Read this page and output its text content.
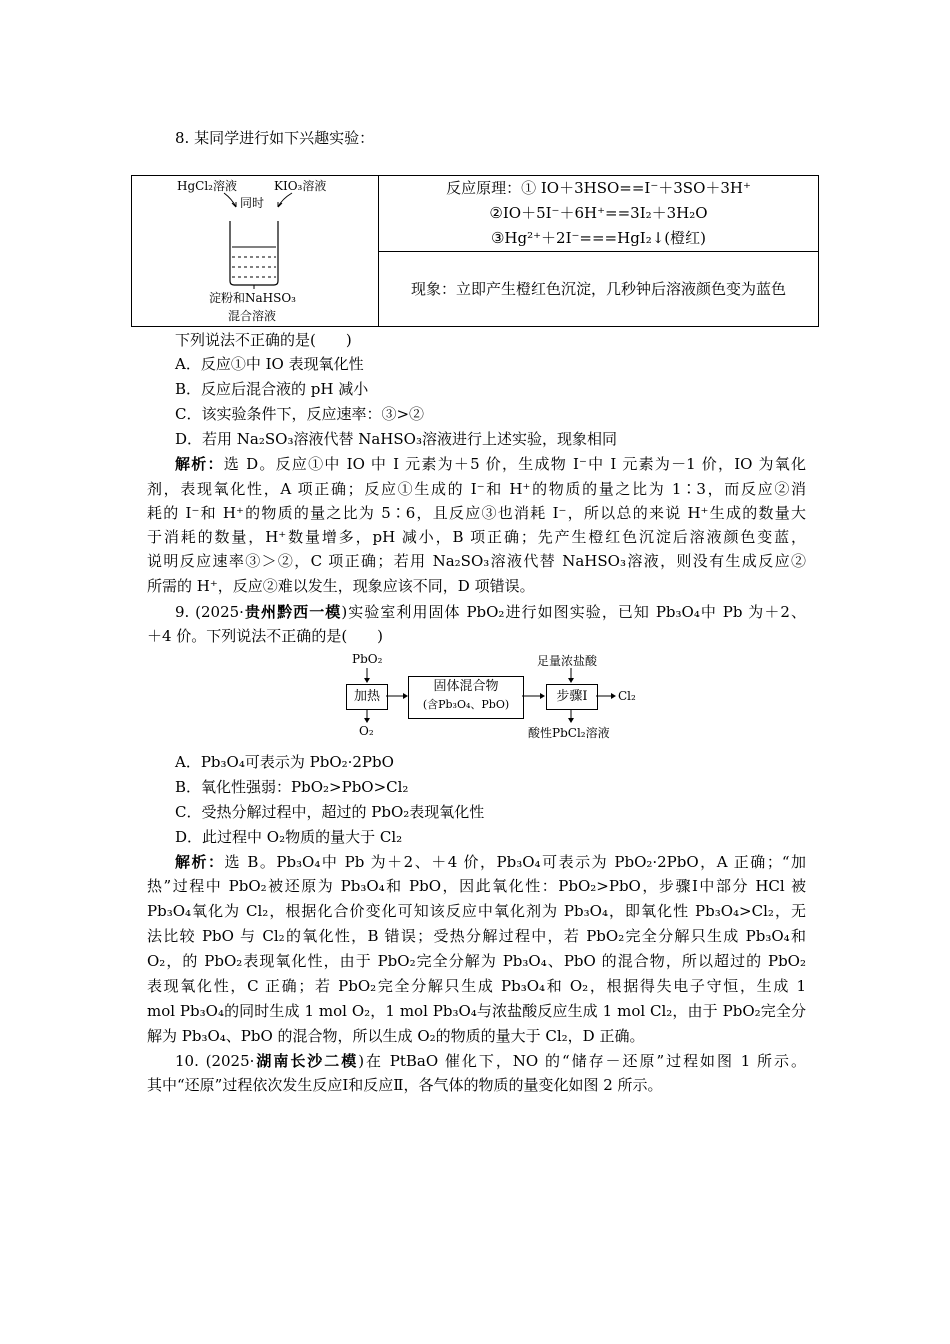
8. 某同学进行如下兴趣实验：
HgCl₂溶液	KIO₃溶液
同时
淀粉和NaHSO₃
混合溶液

反应原理：① IO＋3HSO==I⁻＋3SO＋3H⁺
②IO＋5I⁻＋6H⁺==3I₂＋3H₂O
③Hg²⁺＋2I⁻===HgI₂↓(橙红)

现象：立即产生橙红色沉淀，几秒钟后溶液颜色变为蓝色
下列说法不正确的是(　　)
A．反应①中 IO 表现氧化性
B．反应后混合液的 pH 减小
C．该实验条件下，反应速率：③>②
D．若用 Na₂SO₃溶液代替 NaHSO₃溶液进行上述实验，现象相同
解析：选 D。反应①中 IO 中 I 元素为＋5 价，生成物 I⁻中 I 元素为－1 价，IO 为氧化
剂，表现氧化性，A 项正确；反应①生成的 I⁻和 H⁺的物质的量之比为 1∶3，而反应②消
耗的 I⁻和 H⁺的物质的量之比为 5∶6，且反应③也消耗 I⁻，所以总的来说 H⁺生成的数量大
于消耗的数量，H⁺数量增多，pH 减小，B 项正确；先产生橙红色沉淀后溶液颜色变蓝，
说明反应速率③＞②，C 项正确；若用 Na₂SO₃溶液代替 NaHSO₃溶液，则没有生成反应②
所需的 H⁺，反应②难以发生，现象应该不同，D 项错误。
9. (2025·贵州黔西一模)实验室利用固体 PbO₂进行如图实验，已知 Pb₃O₄中 Pb 为＋2、
＋4 价。下列说法不正确的是(　　)
PbO₂
加热
O₂
固体混合物
(含Pb₃O₄、PbO)
足量浓盐酸
步骤Ⅰ	Cl₂
酸性PbCl₂溶液
A．Pb₃O₄可表示为 PbO₂·2PbO
B．氧化性强弱：PbO₂>PbO>Cl₂
C．受热分解过程中，超过的 PbO₂表现氧化性
D．此过程中 O₂物质的量大于 Cl₂
解析：选 B。Pb₃O₄中 Pb 为＋2、＋4 价，Pb₃O₄可表示为 PbO₂·2PbO，A 正确；“加
热”过程中 PbO₂被还原为 Pb₃O₄和 PbO，因此氧化性：PbO₂>PbO，步骤Ⅰ中部分 HCl 被
Pb₃O₄氧化为 Cl₂，根据化合价变化可知该反应中氧化剂为 Pb₃O₄，即氧化性 Pb₃O₄>Cl₂，无
法比较 PbO 与 Cl₂的氧化性，B 错误；受热分解过程中，若 PbO₂完全分解只生成 Pb₃O₄和
O₂，的 PbO₂表现氧化性，由于 PbO₂完全分解为 Pb₃O₄、PbO 的混合物，所以超过的 PbO₂
表现氧化性，C 正确；若 PbO₂完全分解只生成 Pb₃O₄和 O₂，根据得失电子守恒，生成 1
mol Pb₃O₄的同时生成 1 mol O₂，1 mol Pb₃O₄与浓盐酸反应生成 1 mol Cl₂，由于 PbO₂完全分
解为 Pb₃O₄、PbO 的混合物，所以生成 O₂的物质的量大于 Cl₂，D 正确。
10. (2025·湖南长沙二模)在 PtBaO 催化下，NO 的“储存－还原”过程如图 1 所示。
其中“还原”过程依次发生反应Ⅰ和反应Ⅱ，各气体的物质的量变化如图 2 所示。
